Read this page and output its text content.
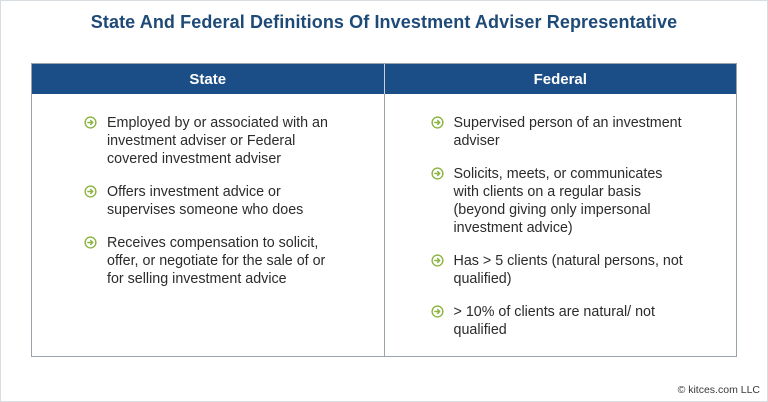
State And Federal Definitions Of Investment Adviser Representative
State	Federal
Employed by or associated with an investment adviser or Federal covered investment adviser
Offers investment advice or supervises someone who does
Receives compensation to solicit, offer, or negotiate for the sale of or for selling investment advice
Supervised person of an investment adviser
Solicits, meets, or communicates with clients on a regular basis (beyond giving only impersonal investment advice)
Has > 5 clients (natural persons, not qualified)
> 10% of clients are natural/ not qualified
© kitces.com LLC
